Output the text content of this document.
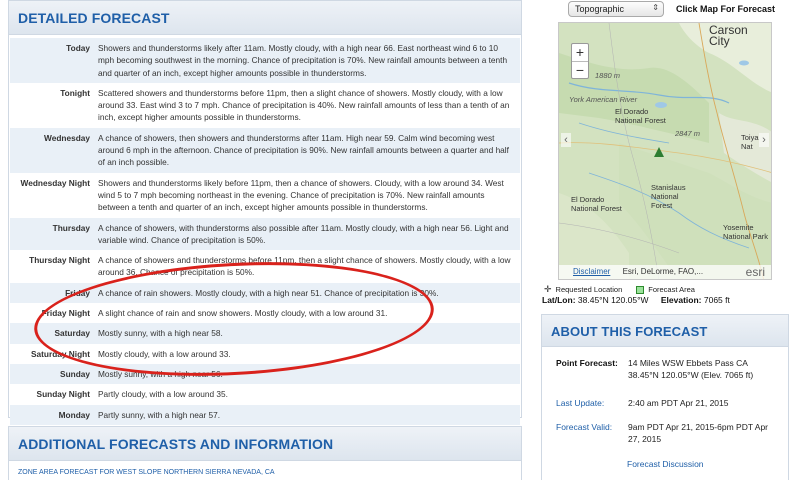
DETAILED FORECAST
Today Showers and thunderstorms likely after 11am. Mostly cloudy, with a high near 66. East northeast wind 6 to 10 mph becoming southwest in the morning. Chance of precipitation is 70%. New rainfall amounts between a tenth and quarter of an inch, except higher amounts possible in thunderstorms.
Tonight Scattered showers and thunderstorms before 11pm, then a slight chance of showers. Mostly cloudy, with a low around 33. East wind 3 to 7 mph. Chance of precipitation is 40%. New rainfall amounts of less than a tenth of an inch, except higher amounts possible in thunderstorms.
Wednesday A chance of showers, then showers and thunderstorms after 11am. High near 59. Calm wind becoming west around 6 mph in the afternoon. Chance of precipitation is 90%. New rainfall amounts between a quarter and half of an inch possible.
Wednesday Night Showers and thunderstorms likely before 11pm, then a chance of showers. Cloudy, with a low around 34. West wind 5 to 7 mph becoming northeast in the evening. Chance of precipitation is 70%. New rainfall amounts between a tenth and quarter of an inch, except higher amounts possible in thunderstorms.
Thursday A chance of showers, with thunderstorms also possible after 11am. Mostly cloudy, with a high near 56. Light and variable wind. Chance of precipitation is 50%.
Thursday Night A chance of showers and thunderstorms before 11pm, then a slight chance of showers. Mostly cloudy, with a low around 36. Chance of precipitation is 50%.
Friday A chance of rain showers. Mostly cloudy, with a high near 51. Chance of precipitation is 30%.
Friday Night A slight chance of rain and snow showers. Mostly cloudy, with a low around 31.
Saturday Mostly sunny, with a high near 58.
Saturday Night Mostly cloudy, with a low around 33.
Sunday Mostly sunny, with a high near 56.
Sunday Night Partly cloudy, with a low around 35.
Monday Partly sunny, with a high near 57.
ADDITIONAL FORECASTS AND INFORMATION
ZONE AREA FORECAST FOR WEST SLOPE NORTHERN SIERRA NEVADA, CA
Topographic	⇕ Click Map For Forecast
+
−
‹	›
Carson City
1880 m
York American River
El Dorado National Forest
2847 m	Toiya Nat
Stanislaus National Forest
El Dorado National Forest
Yosemite National Park
Disclaimer Esri, DeLorme, FAO,...	esri
✛ Requested Location	Forecast Area
Lat/Lon: 38.45°N 120.05°W Elevation: 7065 ft
ABOUT THIS FORECAST
Point Forecast:	14 Miles WSW Ebbets Pass CA 38.45°N 120.05°W (Elev. 7065 ft)
Last Update:	2:40 am PDT Apr 21, 2015
Forecast Valid:	9am PDT Apr 21, 2015-6pm PDT Apr 27, 2015
Forecast Discussion
